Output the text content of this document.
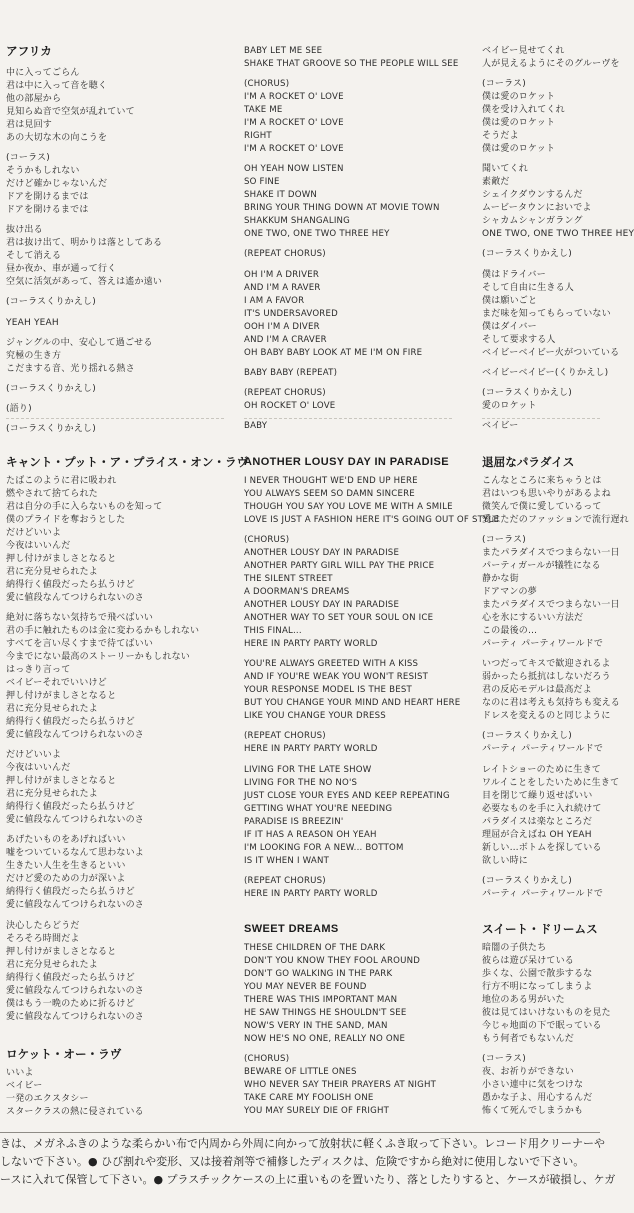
アフリカ
キャント・プット・ア・プライス・オン・ラヴ
ロケット・オー・ラヴ
中に入ってごらん
君は中に入って音を聴く
他の部屋から
見知らぬ音で空気が乱れていて
君は見回す
あの大切な木の向こうを
(コーラス)
そうかもしれない
だけど確かじゃないんだ
ドアを開けるまでは
ドアを開けるまでは
抜け出る
君は抜け出て、明かりは落としてある
そして消える
昼か夜か、車が通って行く
空気に活気があって、答えは遙か遠い
(コーラスくりかえし)
YEAH YEAH
ジャングルの中、安心して過ごせる
究極の生き方
こだまする音、光り揺れる熱さ
(コーラスくりかえし)
(語り)
(コーラスくりかえし)
たばこのように君に吸われ
燃やされて捨てられた
君は自分の手に入らないものを知って
僕のプライドを奪おうとした
だけどいいよ
今夜はいいんだ
押し付けがましさとなると
君に充分見せられたよ
納得行く値段だったら払うけど
愛に値段なんてつけられないのさ
絶対に落ちない気持ちで飛べばいい
君の手に触れたものは金に変わるかもしれない
すべてを言い尽くすまで待てばいい
今までにない最高のストーリーかもしれない
はっきり言って
ベイビーそれでいいけど
押し付けがましさとなると
君に充分見せられたよ
納得行く値段だったら払うけど
愛に値段なんてつけられないのさ
だけどいいよ
今夜はいいんだ
押し付けがましさとなると
君に充分見せられたよ
納得行く値段だったら払うけど
愛に値段なんてつけられないのさ
あげたいものをあげればいい
嘘をついているなんて思わないよ
生きたい人生を生きるといい
だけど愛のための力が深いよ
納得行く値段だったら払うけど
愛に値段なんてつけられないのさ
決心したらどうだ
そろそろ時間だよ
押し付けがましさとなると
君に充分見せられたよ
納得行く値段だったら払うけど
愛に値段なんてつけられないのさ
僕はもう一晩のために折るけど
愛に値段なんてつけられないのさ
いいよ
ベイビー
一発のエクスタシー
スタークラスの熱に侵されている
ANOTHER LOUSY DAY IN PARADISE
SWEET DREAMS
BABY LET ME SEE
SHAKE THAT GROOVE SO THE PEOPLE WILL SEE
(CHORUS)
I'M A ROCKET O' LOVE
TAKE ME
I'M A ROCKET O' LOVE
RIGHT
I'M A ROCKET O' LOVE
OH YEAH NOW LISTEN
SO FINE
SHAKE IT DOWN
BRING YOUR THING DOWN AT MOVIE TOWN
SHAKKUM SHANGALING
ONE TWO, ONE TWO THREE HEY
(REPEAT CHORUS)
OH I'M A DRIVER
AND I'M A RAVER
I AM A FAVOR
IT'S UNDERSAVORED
OOH I'M A DIVER
AND I'M A CRAVER
OH BABY BABY LOOK AT ME I'M ON FIRE
BABY BABY (REPEAT)
(REPEAT CHORUS)
OH ROCKET O' LOVE
BABY
I NEVER THOUGHT WE'D END UP HERE
YOU ALWAYS SEEM SO DAMN SINCERE
THOUGH YOU SAY YOU LOVE ME WITH A SMILE
LOVE IS JUST A FASHION HERE IT'S GOING OUT OF STYLE
(CHORUS)
ANOTHER LOUSY DAY IN PARADISE
ANOTHER PARTY GIRL WILL PAY THE PRICE
THE SILENT STREET
A DOORMAN'S DREAMS
ANOTHER LOUSY DAY IN PARADISE
ANOTHER WAY TO SET YOUR SOUL ON ICE
THIS FINAL...
HERE IN PARTY PARTY WORLD
YOU'RE ALWAYS GREETED WITH A KISS
AND IF YOU'RE WEAK YOU WON'T RESIST
YOUR RESPONSE MODEL IS THE BEST
BUT YOU CHANGE YOUR MIND AND HEART HERE
LIKE YOU CHANGE YOUR DRESS
(REPEAT CHORUS)
HERE IN PARTY PARTY WORLD
LIVING FOR THE LATE SHOW
LIVING FOR THE NO NO'S
JUST CLOSE YOUR EYES AND KEEP REPEATING
GETTING WHAT YOU'RE NEEDING
PARADISE IS BREEZIN'
IF IT HAS A REASON OH YEAH
I'M LOOKING FOR A NEW... BOTTOM
IS IT WHEN I WANT
(REPEAT CHORUS)
HERE IN PARTY PARTY WORLD
THESE CHILDREN OF THE DARK
DON'T YOU KNOW THEY FOOL AROUND
DON'T GO WALKING IN THE PARK
YOU MAY NEVER BE FOUND
THERE WAS THIS IMPORTANT MAN
HE SAW THINGS HE SHOULDN'T SEE
NOW'S VERY IN THE SAND, MAN
NOW HE'S NO ONE, REALLY NO ONE
(CHORUS)
BEWARE OF LITTLE ONES
WHO NEVER SAY THEIR PRAYERS AT NIGHT
TAKE CARE MY FOOLISH ONE
YOU MAY SURELY DIE OF FRIGHT
退屈なパラダイス
スイート・ドリームス
ベイビー見せてくれ
人が見えるようにそのグルーヴを
(コーラス)
僕は愛のロケット
僕を受け入れてくれ
僕は愛のロケット
そうだよ
僕は愛のロケット
聞いてくれ
素敵だ
シェイクダウンするんだ
ムービータウンにおいでよ
シャカムシャンガラング
ONE TWO, ONE TWO THREE HEY
(コーラスくりかえし)
僕はドライバー
そして自由に生きる人
僕は願いごと
まだ味を知ってもらっていない
僕はダイバー
そして要求する人
ベイビーベイビー火がついている
ベイビーベイビー(くりかえし)
(コーラスくりかえし)
愛のロケット
ベイビー
こんなところに来ちゃうとは
君はいつも思いやりがあるよね
微笑んで僕に愛しているって
愛はただのファッションで流行遅れ
(コーラス)
またパラダイスでつまらない一日
パーティガールが犠牲になる
静かな街
ドアマンの夢
またパラダイスでつまらない一日
心を氷にするいい方法だ
この最後の…
パーティ パーティワールドで
いつだってキスで歓迎されるよ
弱かったら抵抗はしないだろう
君の反応モデルは最高だよ
なのに君は考えも気持ちも変える
ドレスを変えるのと同じように
(コーラスくりかえし)
パーティ パーティワールドで
レイトショーのために生きて
ワルイことをしたいために生きて
目を閉じて繰り返せばいい
必要なものを手に入れ続けて
パラダイスは楽なところだ
理屈が合えばね OH YEAH
新しい…ボトムを探している
欲しい時に
(コーラスくりかえし)
パーティ パーティワールドで
暗闇の子供たち
彼らは遊び呆けている
歩くな、公園で散歩するな
行方不明になってしまうよ
地位のある男がいた
彼は見てはいけないものを見た
今じゃ地面の下で眠っている
もう何者でもないんだ
(コーラス)
夜、お祈りができない
小さい連中に気をつけな
愚かな子よ、用心するんだ
怖くて死んでしまうかも
きは、メガネふきのような柔らかい布で内周から外周に向かって放射状に軽くふき取って下さい。レコード用クリーナーや
しないで下さい。● ひび割れや変形、又は接着剤等で補修したディスクは、危険ですから絶対に使用しないで下さい。
ースに入れて保管して下さい。● プラスチックケースの上に重いものを置いたり、落としたりすると、ケースが破損し、ケガ
